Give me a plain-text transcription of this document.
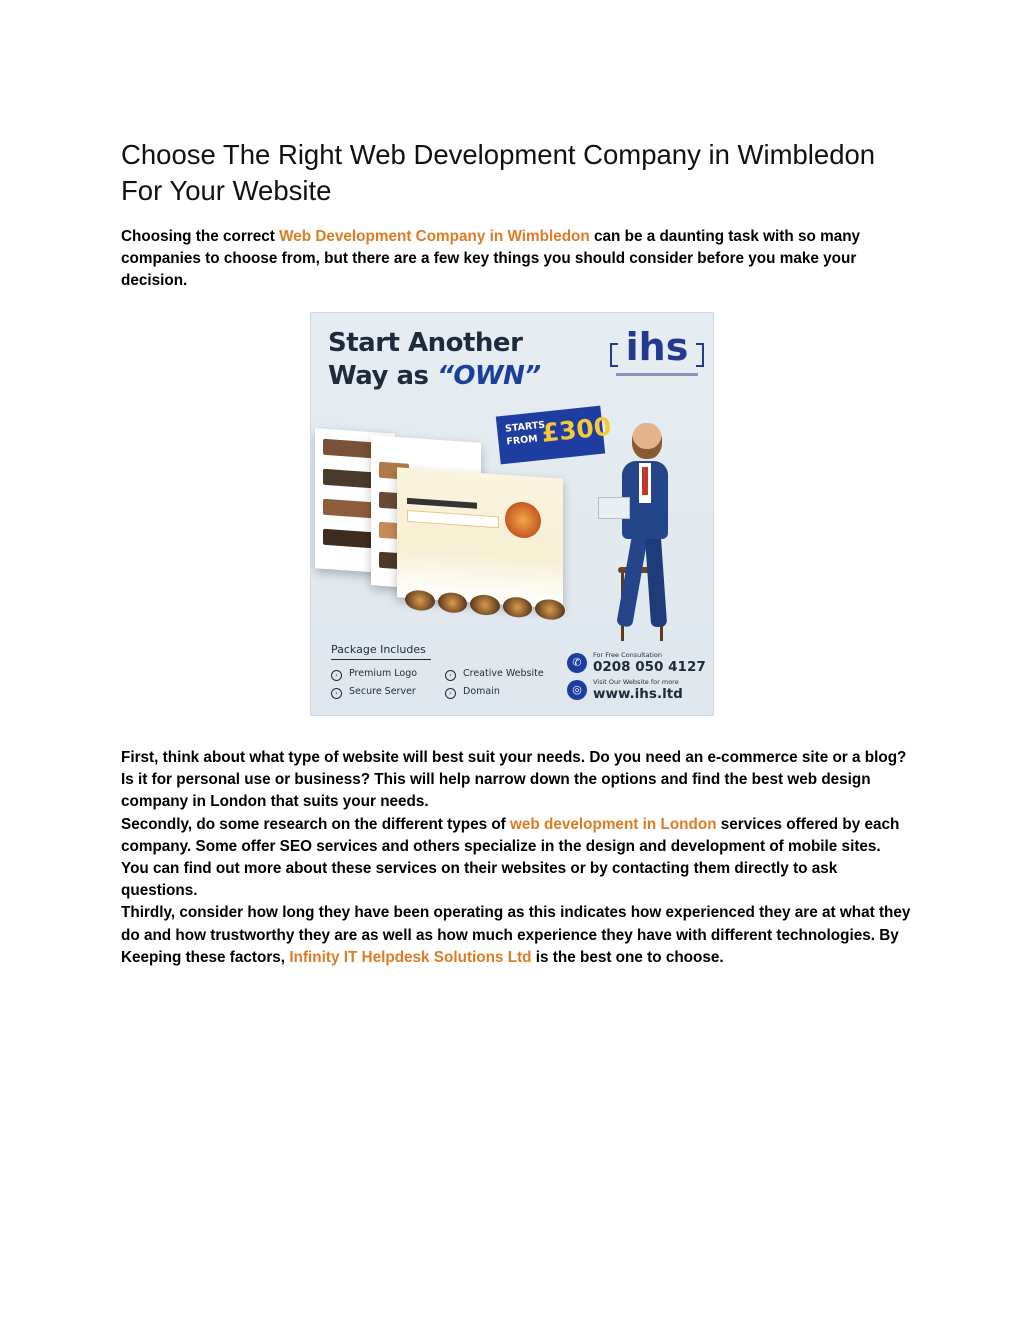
Choose The Right Web Development Company in Wimbledon For Your Website

Choosing the correct Web Development Company in Wimbledon can be a daunting task with so many companies to choose from, but there are a few key things you should consider before you make your decision.

Start Another
Way as “OWN”

ihs
STARTS
FROM £300

Package Includes

› Premium Logo	› Creative Website
› Secure Server	› Domain
✆
For Free Consultation
0208 050 4127
◎
Visit Our Website for more
www.ihs.ltd

First, think about what type of website will best suit your needs. Do you need an e-commerce site or a blog? Is it for personal use or business? This will help narrow down the options and find the best web design company in London that suits your needs.

Secondly, do some research on the different types of web development in London services offered by each company. Some offer SEO services and others specialize in the design and development of mobile sites. You can find out more about these services on their websites or by contacting them directly to ask questions.

Thirdly, consider how long they have been operating as this indicates how experienced they are at what they do and how trustworthy they are as well as how much experience they have with different technologies. By Keeping these factors, Infinity IT Helpdesk Solutions Ltd is the best one to choose.
